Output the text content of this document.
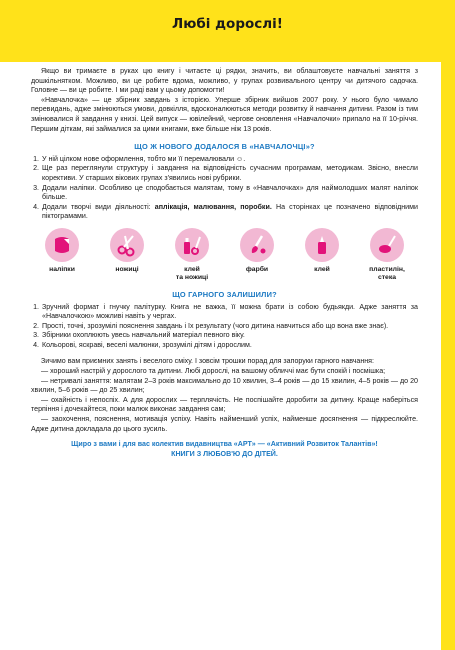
Любі дорослі!

Якщо ви тримаєте в руках цю книгу і читаєте ці рядки, значить, ви облаштовуєте навчальні заняття з дошкільнятком. Можливо, ви це робите вдома, можливо, у групах розвивального центру чи дитячого садочка. Головне — ви це робите. І ми раді вам у цьому допомогти!

«Навчалочка» — це збірник завдань з історією. Уперше збірник вийшов 2007 року. У нього було чимало перевидань, адже змінюються умови, довкілля, вдосконалюються методи розвитку й навчання дитини. Разом із тим змінювалися й завдання у книзі. Цей випуск — ювілейний, чергове оновлення «Навчалочки» припало на її 10-річчя. Першим діткам, які займалися за цими книгами, вже більше ніж 13 років.

ЩО Ж НОВОГО ДОДАЛОСЯ В «НАВЧАЛОЧЦІ»?
1. У ній цілком нове оформлення, тобто ми її перемалювали ☺.
2. Ще раз переглянули структуру і завдання на відповідність сучасним програмам, методикам. Звісно, внесли корективи. У старших вікових групах з'явились нові рубрики.
3. Додали наліпки. Особливо це сподобається малятам, тому в «Навчалочках» для наймолодших малят наліпок більше.
4. Додали творчі види діяльності: аплікація, малювання, поробки. На сторінках це позначено відповідними піктограмами.
наліпки	ножиці	клей
та ножиці
фарби	клей	пластилін,
стека
ЩО ГАРНОГО ЗАЛИШИЛИ?
1. Зручний формат і гнучку палітурку. Книга не важка, її можна брати із собою будьякди. Адже заняття за «Навчалочкою» можливі навіть у чергах.
2. Прості, точні, зрозумілі пояснення завдань і їх результату (чого дитина навчиться або що вона вже знає).
3. Збірники охоплюють увесь навчальний матеріал певного віку.
4. Кольорові, яскраві, веселі малюнки, зрозумілі дітям і дорослим.

Зичимо вам приємних занять і веселого сміху. І зовсім трошки порад для запоруки гарного навчання:

— хороший настрій у дорослого та дитини. Любі дорослі, на вашому обличчі має бути спокій і посмішка;

— нетривалі заняття: малятам 2–3 років максимально до 10 хвилин, 3–4 років — до 15 хвилин, 4–5 років — до 20 хвилин, 5–6 років — до 25 хвилин;

— охайність і непоспіх. А для дорослих — терплячість. Не поспішайте доробити за дитину. Краще наберіться терпіння і дочекайтеся, поки малюк виконає завдання сам;

— заохочення, пояснення, мотивація успіху. Навіть найменший успіх, найменше досягнення — підкреслюйте. Адже дитина докладала до цього зусиль.

Щиро з вами і для вас колектив видавництва «АРТ» — «Активний Розвиток Талантів»!
КНИГИ З ЛЮБОВ'Ю ДО ДІТЕЙ.
